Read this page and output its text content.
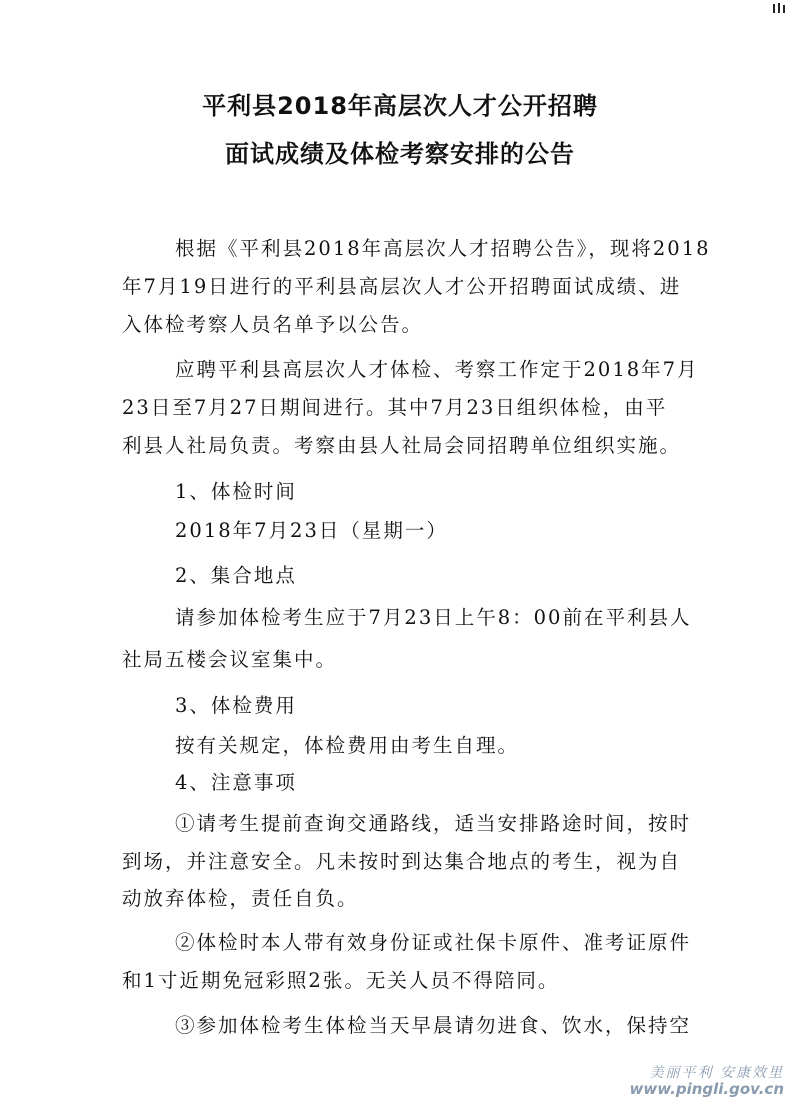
平利县2018年高层次人才公开招聘
面试成绩及体检考察安排的公告
根据《平利县2018年高层次人才招聘公告》，现将2018
年7月19日进行的平利县高层次人才公开招聘面试成绩、进
入体检考察人员名单予以公告。
应聘平利县高层次人才体检、考察工作定于2018年7月
23日至7月27日期间进行。其中7月23日组织体检，由平
利县人社局负责。考察由县人社局会同招聘单位组织实施。
1、体检时间
2018年7月23日（星期一）
2、集合地点
请参加体检考生应于7月23日上午8：00前在平利县人
社局五楼会议室集中。
3、体检费用
按有关规定，体检费用由考生自理。
4、注意事项
①请考生提前查询交通路线，适当安排路途时间，按时
到场，并注意安全。凡未按时到达集合地点的考生，视为自
动放弃体检，责任自负。
②体检时本人带有效身份证或社保卡原件、准考证原件
和1寸近期免冠彩照2张。无关人员不得陪同。
③参加体检考生体检当天早晨请勿进食、饮水，保持空
美丽平利 安康效里
www.pingli.gov.cn
